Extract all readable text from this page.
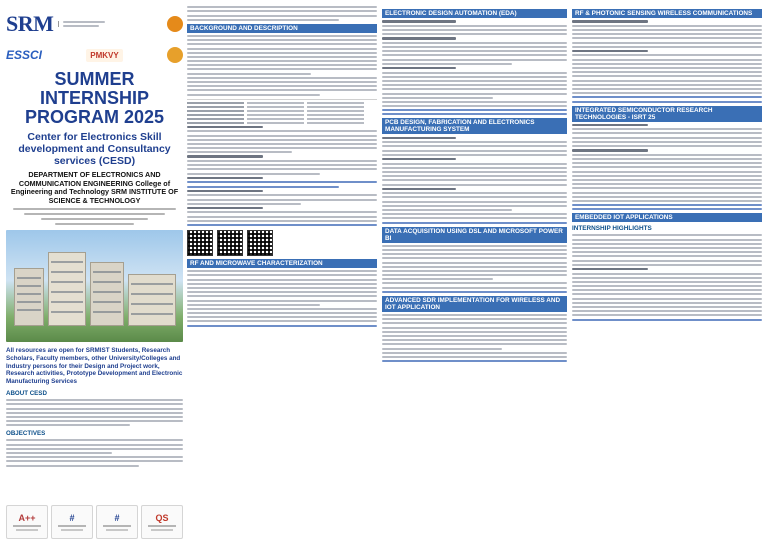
SRM
ESSCI	PMKVY
SUMMER INTERNSHIP
PROGRAM 2025
Center for Electronics Skill development and Consultancy services (CESD)
DEPARTMENT OF ELECTRONICS AND COMMUNICATION ENGINEERING College of Engineering and Technology SRM INSTITUTE OF SCIENCE & TECHNOLOGY
All resources are open for SRMIST Students, Research Scholars, Faculty members, other University/Colleges and Industry persons for their Design and Project work, Research activities, Prototype Development and Electronic Manufacturing Services
ABOUT CESD
OBJECTIVES
A++	#	#	QS
BACKGROUND AND DESCRIPTION
RF AND MICROWAVE CHARACTERIZATION
ELECTRONIC DESIGN AUTOMATION (EDA)
PCB DESIGN, FABRICATION AND ELECTRONICS MANUFACTURING SYSTEM
DATA ACQUISITION USING DSL AND MICROSOFT POWER BI
ADVANCED SDR IMPLEMENTATION FOR WIRELESS AND IOT APPLICATION
RF & PHOTONIC SENSING WIRELESS COMMUNICATIONS
INTEGRATED SEMICONDUCTOR RESEARCH TECHNOLOGIES - ISRT 25
EMBEDDED IOT APPLICATIONS
INTERNSHIP HIGHLIGHTS
